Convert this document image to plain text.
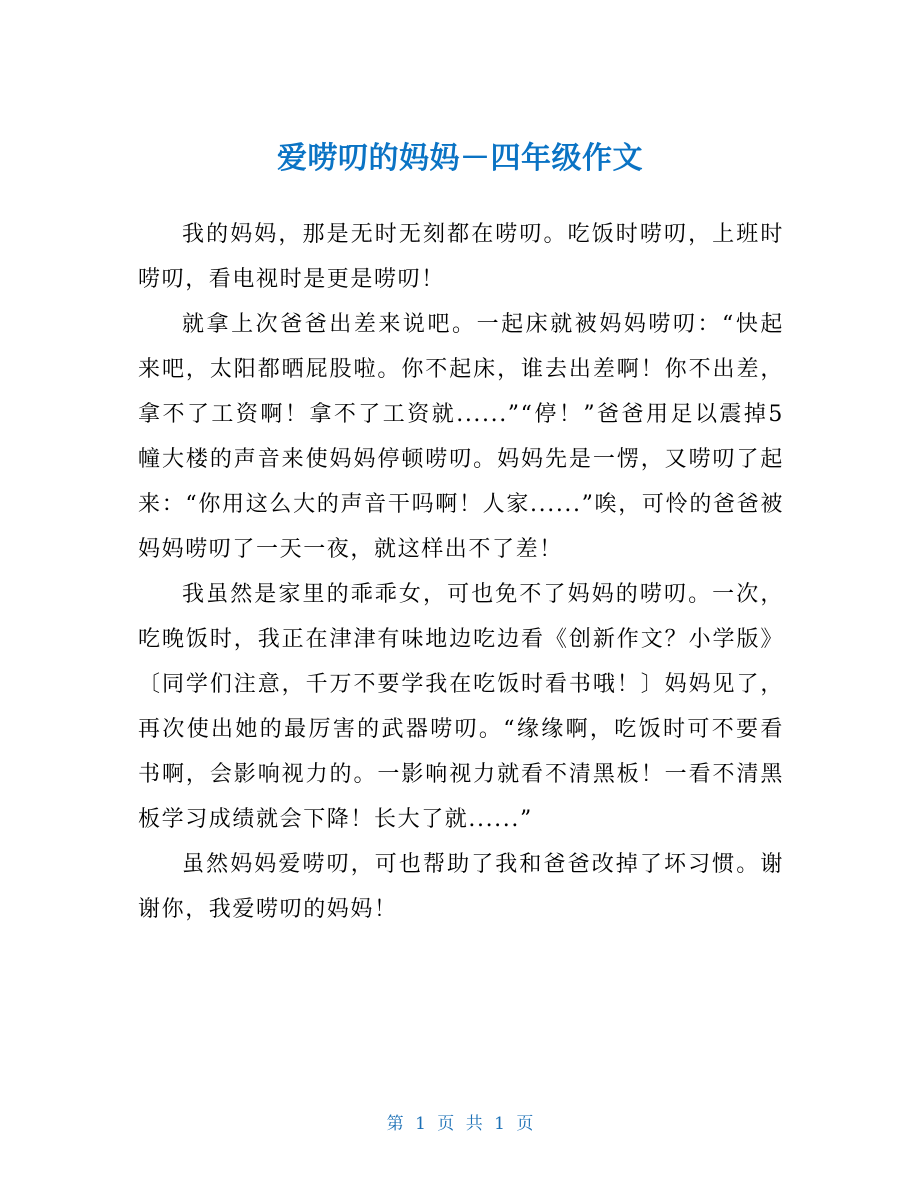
爱唠叨的妈妈－四年级作文

我的妈妈，那是无时无刻都在唠叨。吃饭时唠叨，上班时唠叨，看电视时是更是唠叨！

就拿上次爸爸出差来说吧。一起床就被妈妈唠叨：“快起来吧，太阳都晒屁股啦。你不起床，谁去出差啊！你不出差，拿不了工资啊！拿不了工资就......”“停！”爸爸用足以震掉5幢大楼的声音来使妈妈停顿唠叨。妈妈先是一愣，又唠叨了起来：“你用这么大的声音干吗啊！人家......”唉，可怜的爸爸被妈妈唠叨了一天一夜，就这样出不了差！

我虽然是家里的乖乖女，可也免不了妈妈的唠叨。一次，吃晚饭时，我正在津津有味地边吃边看《创新作文？小学版》〔同学们注意，千万不要学我在吃饭时看书哦！〕妈妈见了，再次使出她的最厉害的武器唠叨。“缘缘啊，吃饭时可不要看书啊，会影响视力的。一影响视力就看不清黑板！一看不清黑板学习成绩就会下降！长大了就......”

虽然妈妈爱唠叨，可也帮助了我和爸爸改掉了坏习惯。谢谢你，我爱唠叨的妈妈！

第 1 页 共 1 页
